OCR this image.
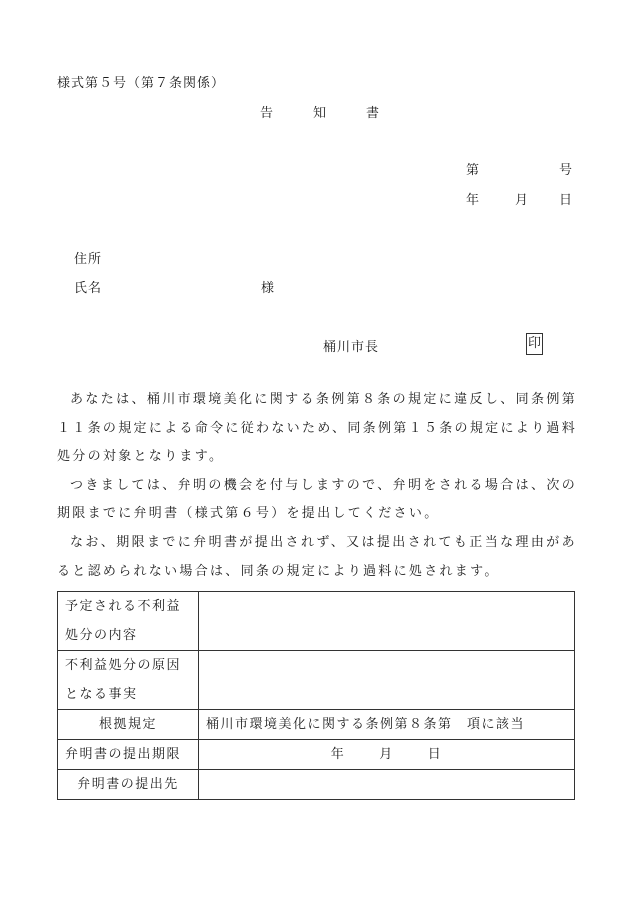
様式第５号（第７条関係）
告	知	書
第	号
年	月 日
住所
氏名	様
桶川市長	印

あなたは、桶川市環境美化に関する条例第８条の規定に違反し、同条例第１１条の規定による命令に従わないため、同条例第１５条の規定により過料処分の対象となります。

つきましては、弁明の機会を付与しますので、弁明をされる場合は、次の期限までに弁明書（様式第６号）を提出してください。

なお、期限までに弁明書が提出されず、又は提出されても正当な理由があると認められない場合は、同条の規定により過料に処されます。

予定される不利益処分の内容	
不利益処分の原因となる事実	
根拠規定	桶川市環境美化に関する条例第８条第　項に該当
弁明書の提出期限	年 月 日
弁明書の提出先	
